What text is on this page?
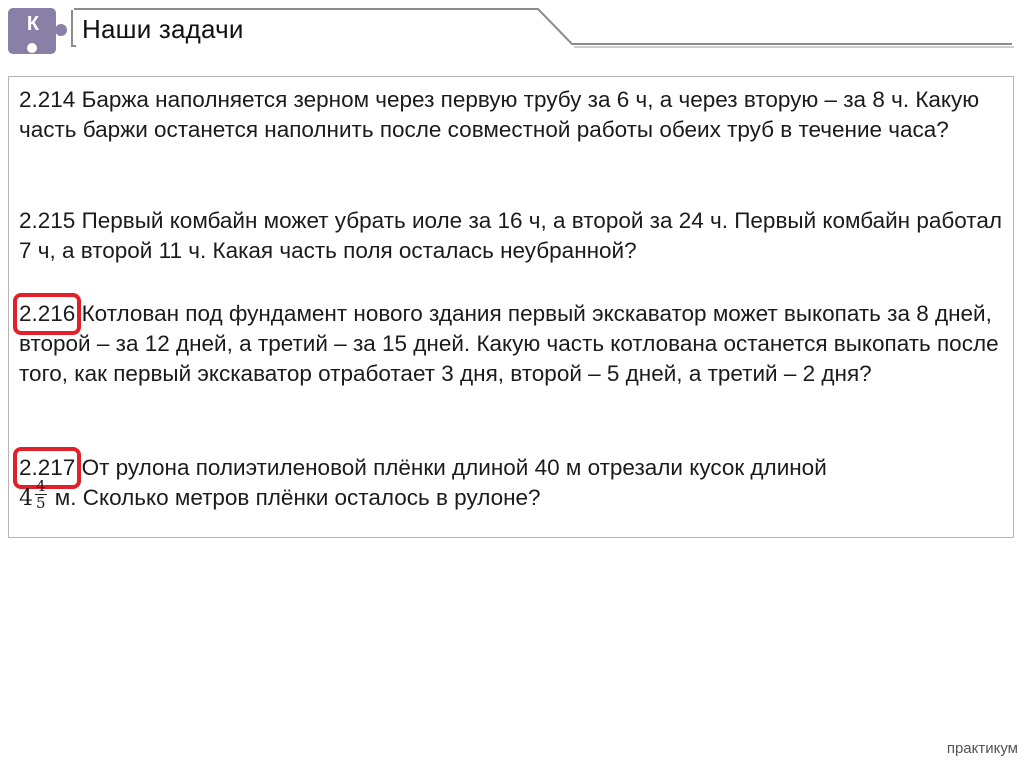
К Наши задачи

2.214 Баржа наполняется зерном через первую трубу за 6 ч, а через вторую – за 8 ч. Какую часть баржи останется наполнить после совместной работы обеих труб в течение часа?

2.215 Первый комбайн может убрать иоле за 16 ч, а второй за 24 ч. Первый комбайн работал 7 ч, а второй 11 ч. Какая часть поля осталась неубранной?

2.216 Котлован под фундамент нового здания первый экскаватор может выкопать за 8 дней, второй – за 12 дней, а третий – за 15 дней. Какую часть котлована останется выкопать после того, как первый экскаватор отработает 3 дня, второй – 5 дней, а третий – 2 дня?

2.217 От рулона полиэтиленовой плёнки длиной 40 м отрезали кусок длиной
$4 \frac{4}{5} м$. Сколько метров плёнки осталось в рулоне?

практикум
